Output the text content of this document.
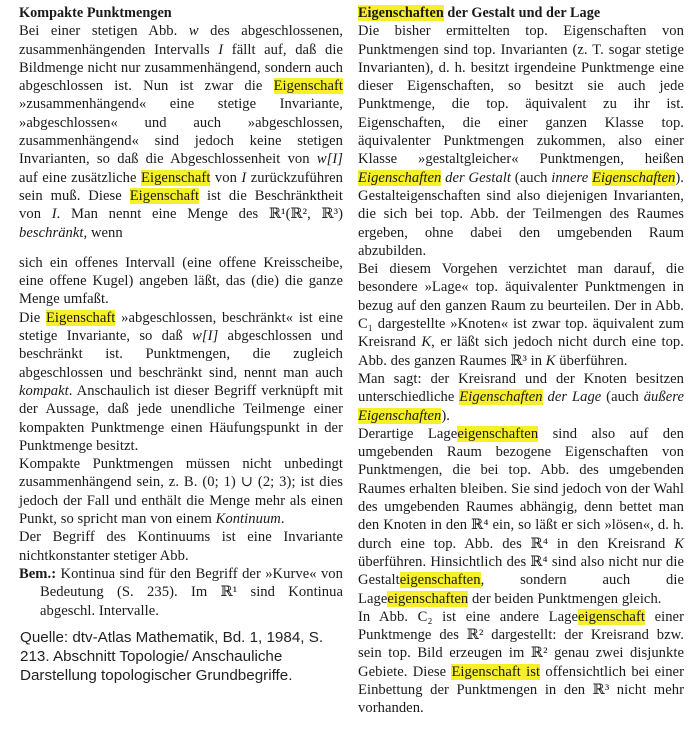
Kompakte Punktmengen

Bei einer stetigen Abb. w des abgeschlossenen, zusammenhängenden Intervalls I fällt auf, daß die Bildmenge nicht nur zusammenhängend, sondern auch abgeschlossen ist. Nun ist zwar die Eigenschaft »zusammenhängend« eine stetige Invariante, »abgeschlossen« und auch »abgeschlossen, zusammenhängend« sind jedoch keine stetigen Invarianten, so daß die Abgeschlossenheit von w[I] auf eine zusätzliche Eigenschaft von I zurückzuführen sein muß. Diese Eigenschaft ist die Beschränktheit von I. Man nennt eine Menge des ℝ¹(ℝ², ℝ³) beschränkt, wenn

sich ein offenes Intervall (eine offene Kreisscheibe, eine offene Kugel) angeben läßt, das (die) die ganze Menge umfaßt.

Die Eigenschaft »abgeschlossen, beschränkt« ist eine stetige Invariante, so daß w[I] abgeschlossen und beschränkt ist. Punktmengen, die zugleich abgeschlossen und beschränkt sind, nennt man auch kompakt. Anschaulich ist dieser Begriff verknüpft mit der Aussage, daß jede unendliche Teilmenge einer kompakten Punktmenge einen Häufungspunkt in der Punktmenge besitzt.

Kompakte Punktmengen müssen nicht unbedingt zusammenhängend sein, z. B. (0; 1) ∪ (2; 3); ist dies jedoch der Fall und enthält die Menge mehr als einen Punkt, so spricht man von einem Kontinuum.

Der Begriff des Kontinuums ist eine Invariante nichtkonstanter stetiger Abb.

Bem.: Kontinua sind für den Begriff der »Kurve« von Bedeutung (S. 235). Im ℝ¹ sind Kontinua abgeschl. Intervalle.

Eigenschaften der Gestalt und der Lage

Die bisher ermittelten top. Eigenschaften von Punktmengen sind top. Invarianten (z. T. sogar stetige Invarianten), d. h. besitzt irgendeine Punktmenge eine dieser Eigenschaften, so besitzt sie auch jede Punktmenge, die top. äquivalent zu ihr ist. Eigenschaften, die einer ganzen Klasse top. äquivalenter Punktmengen zukommen, also einer Klasse »gestaltgleicher« Punktmengen, heißen Eigenschaften der Gestalt (auch innere Eigenschaften). Gestalteigenschaften sind also diejenigen Invarianten, die sich bei top. Abb. der Teilmengen des Raumes ergeben, ohne dabei den umgebenden Raum abzubilden.

Bei diesem Vorgehen verzichtet man darauf, die besondere »Lage« top. äquivalenter Punktmengen in bezug auf den ganzen Raum zu beurteilen. Der in Abb. C₁ dargestellte »Knoten« ist zwar top. äquivalent zum Kreisrand K, er läßt sich jedoch nicht durch eine top. Abb. des ganzen Raumes ℝ³ in K überführen.

Man sagt: der Kreisrand und der Knoten besitzen unterschiedliche Eigenschaften der Lage (auch äußere Eigenschaften).

Derartige Lageeigenschaften sind also auf den umgebenden Raum bezogene Eigenschaften von Punktmengen, die bei top. Abb. des umgebenden Raumes erhalten bleiben. Sie sind jedoch von der Wahl des umgebenden Raumes abhängig, denn bettet man den Knoten in den ℝ⁴ ein, so läßt er sich »lösen«, d. h. durch eine top. Abb. des ℝ⁴ in den Kreisrand K überführen. Hinsichtlich des ℝ⁴ sind also nicht nur die Gestalteigenschaften, sondern auch die Lageeigenschaften der beiden Punktmengen gleich.

In Abb. C₂ ist eine andere Lageeigenschaft einer Punktmenge des ℝ² dargestellt: der Kreisrand bzw. sein top. Bild erzeugen im ℝ² genau zwei disjunkte Gebiete. Diese Eigenschaft ist offensichtlich bei einer Einbettung der Punktmengen in den ℝ³ nicht mehr vorhanden.

Quelle: dtv-Atlas Mathematik, Bd. 1, 1984, S. 213. Abschnitt Topologie/ Anschauliche Darstellung topologischer Grundbegriffe.
